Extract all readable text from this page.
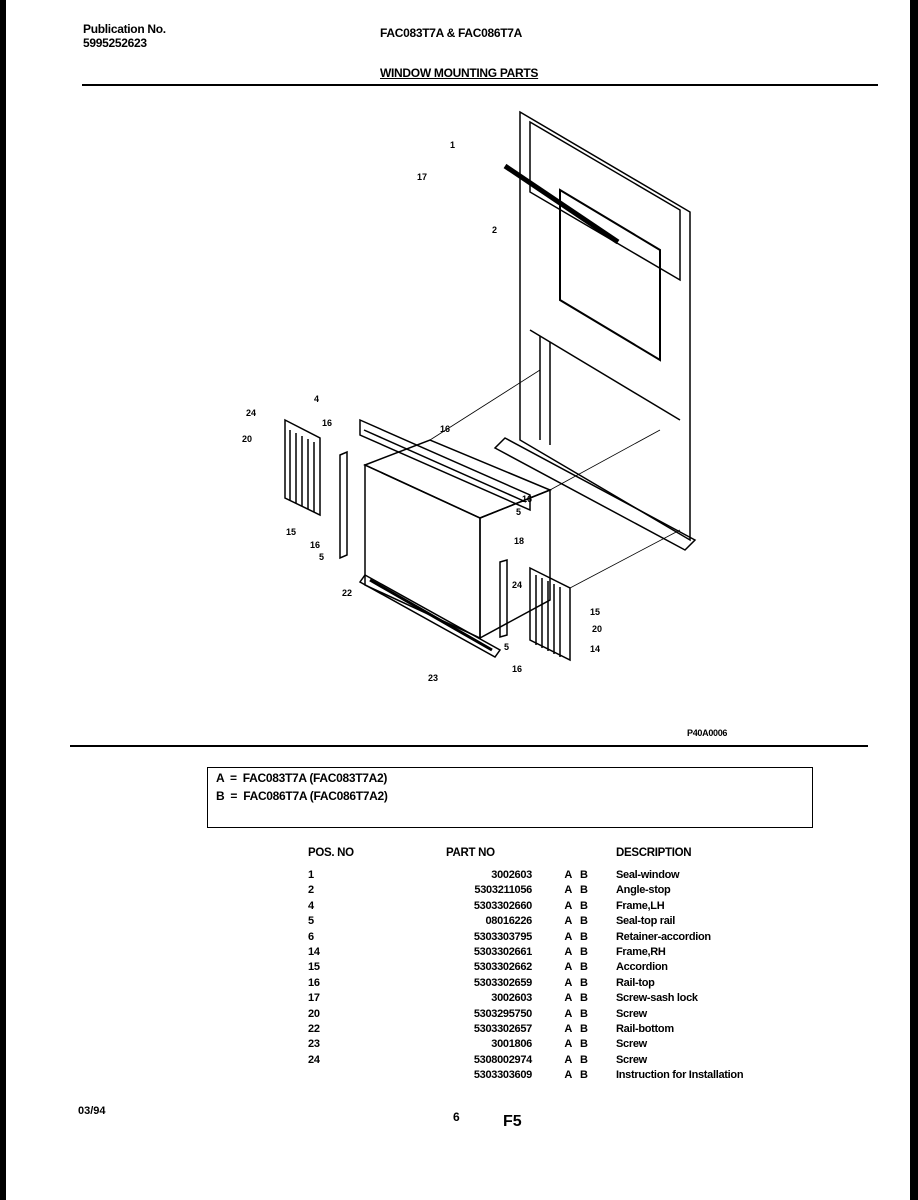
Publication No.
5995252623
FAC083T7A & FAC086T7A
WINDOW MOUNTING PARTS
1
17
2
4
24
16
20
15
5
16
16
16
5
18
24
22
15
20
5	14
16
23
P40A0006
A  =  FAC083T7A (FAC083T7A2)
B  =  FAC086T7A (FAC086T7A2)
POS. NO	PART NO			DESCRIPTION
1	3002603	A	B	Seal-window
2	5303211056	A	B	Angle-stop
4	5303302660	A	B	Frame,LH
5	08016226	A	B	Seal-top rail
6	5303303795	A	B	Retainer-accordion
14	5303302661	A	B	Frame,RH
15	5303302662	A	B	Accordion
16	5303302659	A	B	Rail-top
17	3002603	A	B	Screw-sash lock
20	5303295750	A	B	Screw
22	5303302657	A	B	Rail-bottom
23	3001806	A	B	Screw
24	5308002974	A	B	Screw
	5303303609	A	B	Instruction for Installation
03/94	6	F5
